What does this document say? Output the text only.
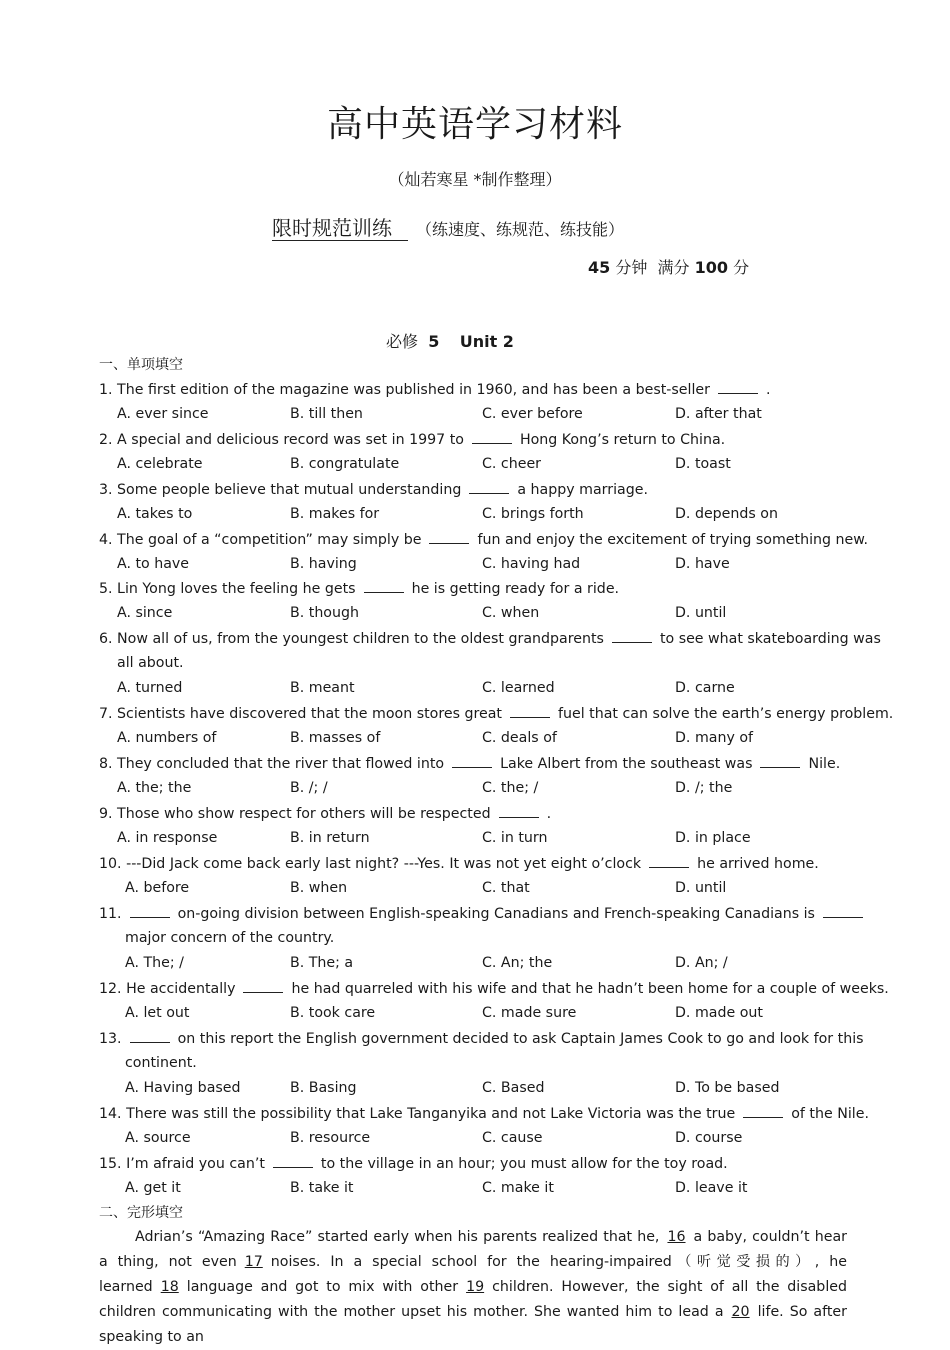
高中英语学习材料
（灿若寒星 *制作整理）
限时规范训练 （练速度、练规范、练技能）
45 分钟 满分 100 分
必修 5 Unit 2
一、单项填空
1. The first edition of the magazine was published in 1960, and has been a best-seller	.
A. ever since	B. till then	C. ever before	D. after that
2. A special and delicious record was set in 1997 to	Hong Kong’s return to China.
A. celebrate	B. congratulate	C. cheer	D. toast
3. Some people believe that mutual understanding	a happy marriage.
A. takes to	B. makes for	C. brings forth	D. depends on
4. The goal of a “competition” may simply be	fun and enjoy the excitement of trying something new.
A. to have	B. having	C. having had	D. have
5. Lin Yong loves the feeling he gets	he is getting ready for a ride.
A. since	B. though	C. when	D. until
6. Now all of us, from the youngest children to the oldest grandparents	to see what skateboarding was
all about.
A. turned	B. meant	C. learned	D. carne
7. Scientists have discovered that the moon stores great	fuel that can solve the earth’s energy problem.
A. numbers of	B. masses of	C. deals of	D. many of
8. They concluded that the river that flowed into	Lake Albert from the southeast was	Nile.
A. the; the	B. /; /	C. the; /	D. /; the
9. Those who show respect for others will be respected	.
A. in response	B. in return	C. in turn	D. in place
10. ---Did Jack come back early last night? ---Yes. It was not yet eight o’clock	he arrived home.
A. before	B. when	C. that	D. until
11.	on-going division between English-speaking Canadians and French-speaking Canadians is
major concern of the country.
A. The; /	B. The; a	C. An; the	D. An; /
12. He accidentally	he had quarreled with his wife and that he hadn’t been home for a couple of weeks.
A. let out	B. took care	C. made sure	D. made out
13.	on this report the English government decided to ask Captain James Cook to go and look for this
continent.
A. Having based	B. Basing	C. Based	D. To be based
14. There was still the possibility that Lake Tanganyika and not Lake Victoria was the true	of the Nile.
A. source	B. resource	C. cause	D. course
15. I’m afraid you can’t	to the village in an hour; you must allow for the toy road.
A. get it	B. take it	C. make it	D. leave it
二、完形填空
Adrian’s “Amazing Race” started early when his parents realized that he, 16 a baby, couldn’t hear a thing, not even 17 noises. In a special school for the hearing-impaired（听觉受损的）, he learned 18 language and got to mix with other 19 children. However, the sight of all the disabled children communicating with the mother upset his mother. She wanted him to lead a 20 life. So after speaking to an
